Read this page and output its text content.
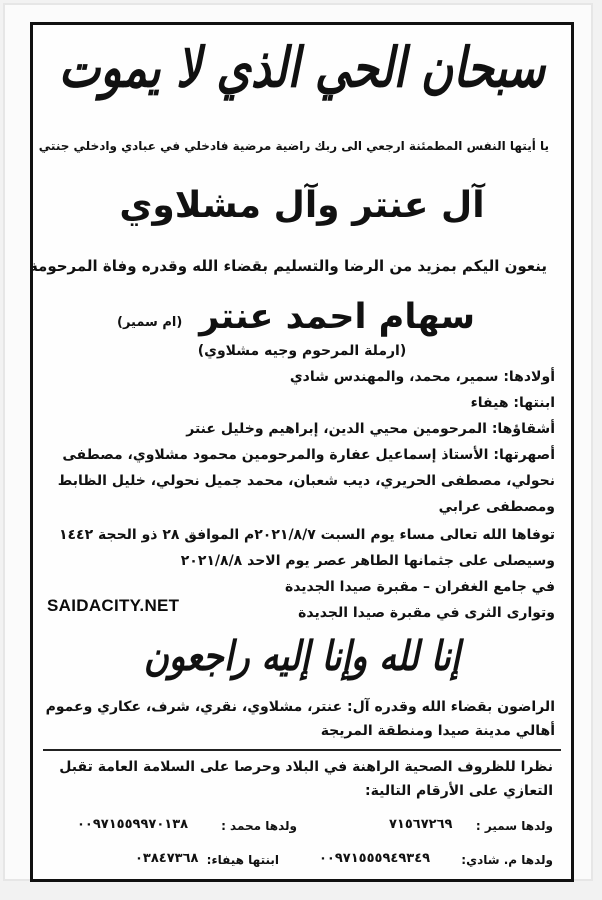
سبحان الحي الذي لا يموت
يا أيتها النفس المطمئنة ارجعي الى ربك راضية مرضية فادخلي في عبادي وادخلي جنتي
آل عنتر وآل مشلاوي
ينعون اليكم بمزيد من الرضا والتسليم بقضاء الله وقدره وفاة المرحومة
سهام احمد عنتر
(ام سمير)
(ارملة المرحوم وجيه مشلاوي)
أولادها: سمير، محمد، والمهندس شادي
ابنتها: هيفاء
أشقاؤها: المرحومين محيي الدين، إبراهيم وخليل عنتر
أصهرتها: الأستاذ إسماعيل عفارة والمرحومين محمود مشلاوي، مصطفى
نحولي، مصطفى الحريري، ديب شعبان، محمد جميل نحولي، خليل الظابط
ومصطفى عرابي
توفاها الله تعالى مساء يوم السبت ٢٠٢١/٨/٧م الموافق ٢٨ ذو الحجة ١٤٤٢
وسيصلى على جثمانها الطاهر عصر يوم الاحد ٢٠٢١/٨/٨
في جامع الغفران – مقبرة صيدا الجديدة
وتوارى الثرى في مقبرة صيدا الجديدة
إنا لله وإنا إليه راجعون
الراضون بقضاء الله وقدره آل: عنتر، مشلاوي، نقري، شرف، عكاري وعموم
أهالي مدينة صيدا ومنطقة المريجة
نظرا للظروف الصحية الراهنة في البلاد وحرصا على السلامة العامة تقبل
التعازي على الأرقام التالية:
ولدها سمير :
٧١٥٦٧٢٦٩
ولدها محمد :
٠٠٩٧١٥٥٩٩٧٠١٣٨
ولدها م. شادي:
٠٠٩٧١٥٥٥٩٤٩٣٤٩
ابنتها هيفاء:
٠٣٨٤٧٣٦٨
SAIDACITY.NET
